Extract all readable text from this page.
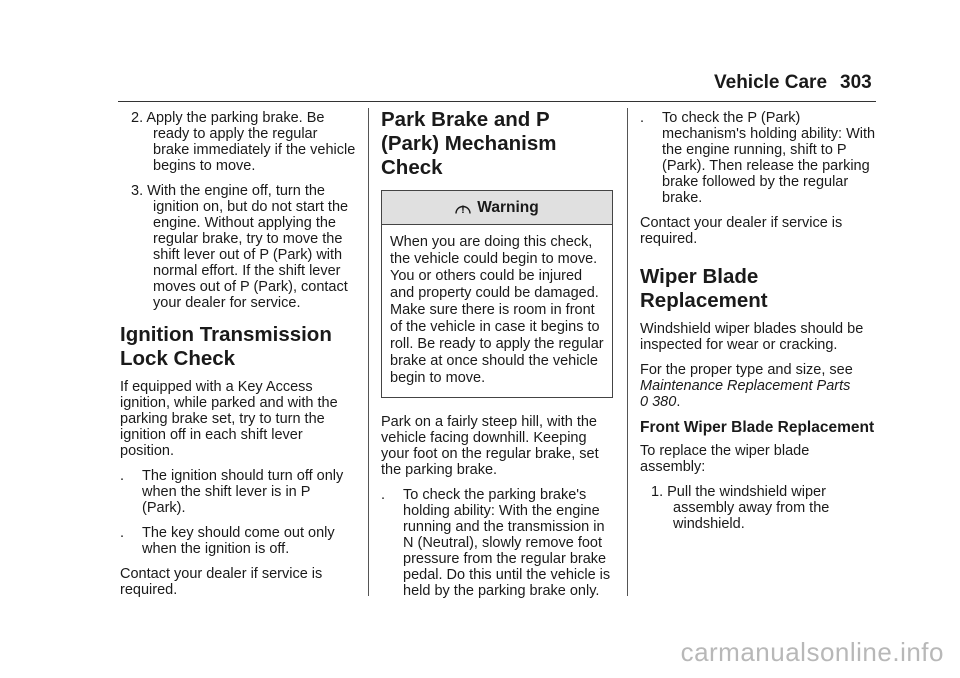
Vehicle Care 303

2. Apply the parking brake. Be ready to apply the regular brake immediately if the vehicle begins to move.

3. With the engine off, turn the ignition on, but do not start the engine. Without applying the regular brake, try to move the shift lever out of P (Park) with normal effort. If the shift lever moves out of P (Park), contact your dealer for service.

Ignition Transmission Lock Check

If equipped with a Key Access ignition, while parked and with the parking brake set, try to turn the ignition off in each shift lever position.

. The ignition should turn off only when the shift lever is in P (Park).

. The key should come out only when the ignition is off.

Contact your dealer if service is required.

Park Brake and P (Park) Mechanism Check
! Warning
When you are doing this check, the vehicle could begin to move. You or others could be injured and property could be damaged. Make sure there is room in front of the vehicle in case it begins to roll. Be ready to apply the regular brake at once should the vehicle begin to move.

Park on a fairly steep hill, with the vehicle facing downhill. Keeping your foot on the regular brake, set the parking brake.

. To check the parking brake's holding ability: With the engine running and the transmission in N (Neutral), slowly remove foot pressure from the regular brake pedal. Do this until the vehicle is held by the parking brake only.

. To check the P (Park) mechanism's holding ability: With the engine running, shift to P (Park). Then release the parking brake followed by the regular brake.

Contact your dealer if service is required.

Wiper Blade Replacement

Windshield wiper blades should be inspected for wear or cracking.

For the proper type and size, see Maintenance Replacement Parts
0 380.

Front Wiper Blade Replacement

To replace the wiper blade assembly:

1. Pull the windshield wiper assembly away from the windshield.

carmanualsonline.info
